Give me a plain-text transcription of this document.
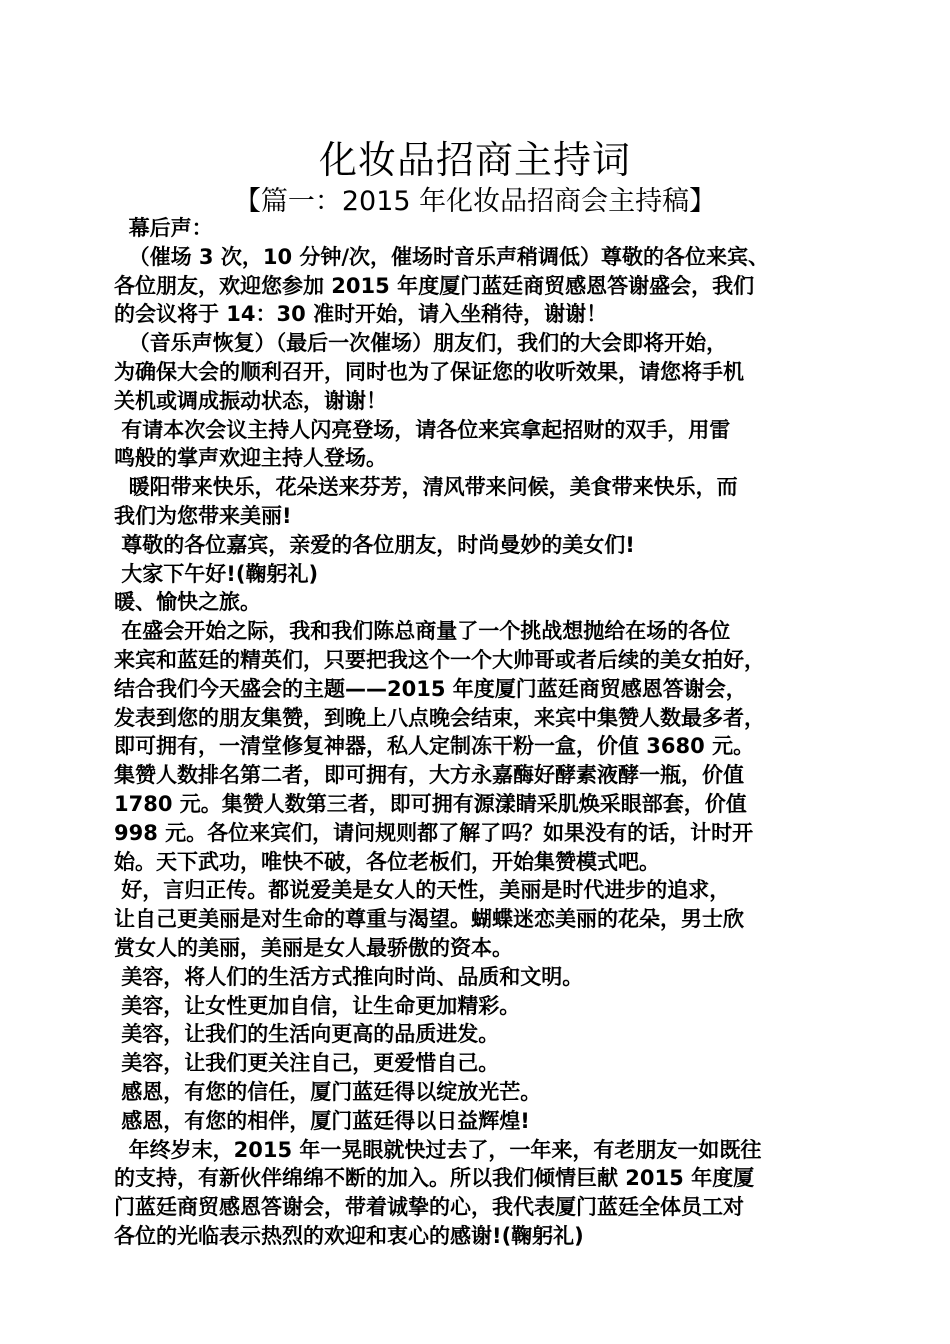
化妆品招商主持词
【篇一：2015 年化妆品招商会主持稿】
幕后声：
（催场 3 次，10 分钟/次，催场时音乐声稍调低）尊敬的各位来宾、
各位朋友，欢迎您参加 2015 年度厦门蓝廷商贸感恩答谢盛会，我们
的会议将于 14：30 准时开始，请入坐稍待，谢谢！
（音乐声恢复）（最后一次催场）朋友们，我们的大会即将开始，
为确保大会的顺利召开，同时也为了保证您的收听效果，请您将手机
关机或调成振动状态，谢谢！
有请本次会议主持人闪亮登场，请各位来宾拿起招财的双手，用雷
鸣般的掌声欢迎主持人登场。
暖阳带来快乐，花朵送来芬芳，清风带来问候，美食带来快乐，而
我们为您带来美丽!
尊敬的各位嘉宾，亲爱的各位朋友，时尚曼妙的美女们!
大家下午好!(鞠躬礼)
暖、愉快之旅。
在盛会开始之际，我和我们陈总商量了一个挑战想抛给在场的各位
来宾和蓝廷的精英们，只要把我这个一个大帅哥或者后续的美女拍好，
结合我们今天盛会的主题——2015 年度厦门蓝廷商贸感恩答谢会，
发表到您的朋友集赞，到晚上八点晚会结束，来宾中集赞人数最多者，
即可拥有，一清堂修复神器，私人定制冻干粉一盒，价值 3680 元。
集赞人数排名第二者，即可拥有，大方永嘉酶好酵素液酵一瓶，价值
1780 元。集赞人数第三者，即可拥有源漾睛采肌焕采眼部套，价值
998 元。各位来宾们，请问规则都了解了吗？如果没有的话，计时开
始。天下武功，唯快不破，各位老板们，开始集赞模式吧。
好，言归正传。都说爱美是女人的天性，美丽是时代进步的追求，
让自己更美丽是对生命的尊重与渴望。蝴蝶迷恋美丽的花朵，男士欣
赏女人的美丽，美丽是女人最骄傲的资本。
美容，将人们的生活方式推向时尚、品质和文明。
美容，让女性更加自信，让生命更加精彩。
美容，让我们的生活向更高的品质进发。
美容，让我们更关注自己，更爱惜自己。
感恩，有您的信任，厦门蓝廷得以绽放光芒。
感恩，有您的相伴，厦门蓝廷得以日益辉煌!
年终岁末，2015 年一晃眼就快过去了，一年来，有老朋友一如既往
的支持，有新伙伴绵绵不断的加入。所以我们倾情巨献 2015 年度厦
门蓝廷商贸感恩答谢会，带着诚挚的心，我代表厦门蓝廷全体员工对
各位的光临表示热烈的欢迎和衷心的感谢!(鞠躬礼)
